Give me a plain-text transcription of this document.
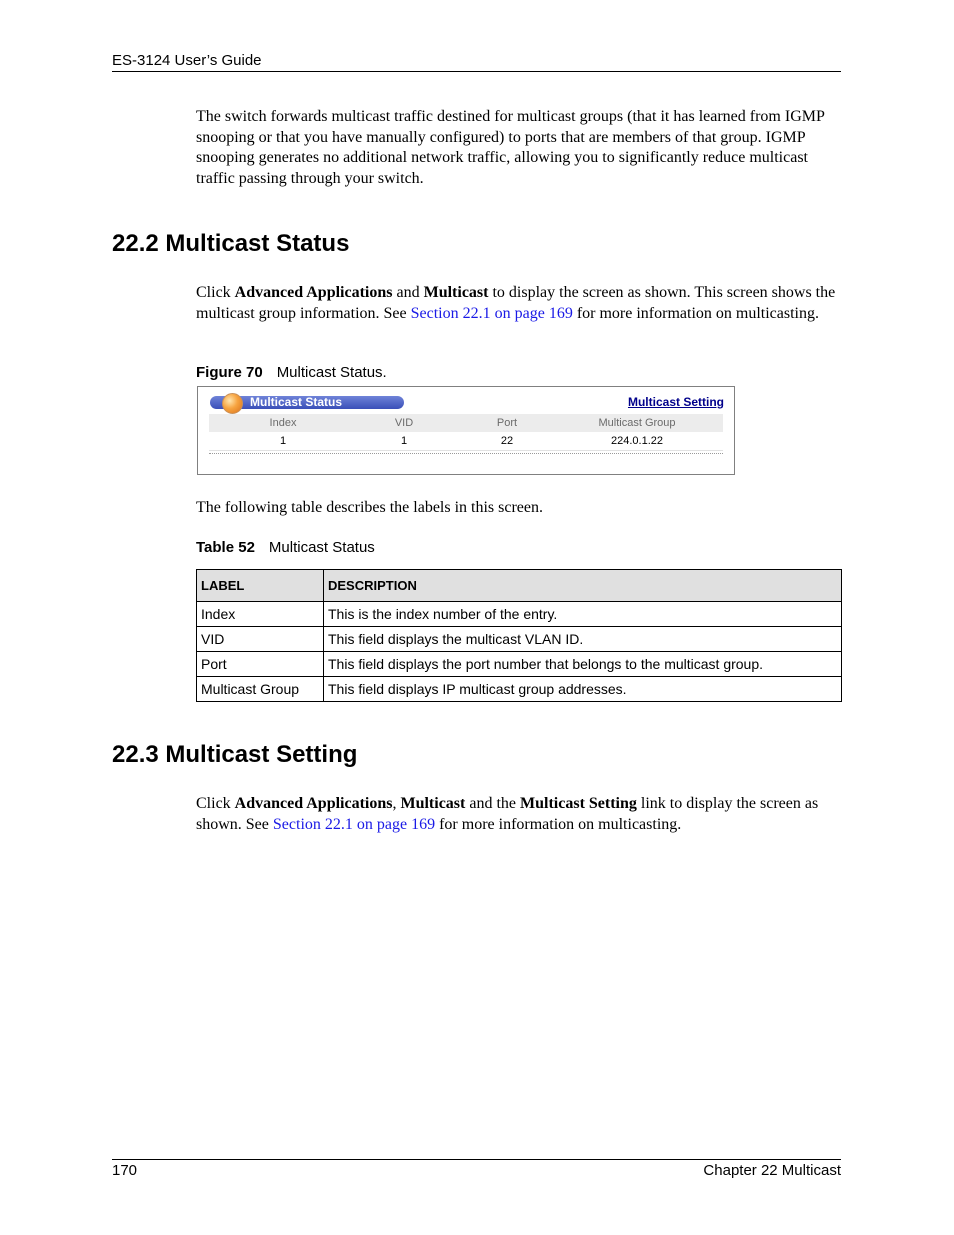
ES-3124 User’s Guide
The switch forwards multicast traffic destined for multicast groups (that it has learned from IGMP snooping or that you have manually configured) to ports that are members of that group. IGMP snooping generates no additional network traffic, allowing you to significantly reduce multicast traffic passing through your switch.
22.2 Multicast Status
Click Advanced Applications and Multicast to display the screen as shown. This screen shows the multicast group information. See Section 22.1 on page 169 for more information on multicasting.
Figure 70 Multicast Status.
Multicast Status	Multicast Setting
Index	VID	Port	Multicast Group
1	1	22	224.0.1.22
The following table describes the labels in this screen.
Table 52 Multicast Status
LABEL	DESCRIPTION
Index	This is the index number of the entry.
VID	This field displays the multicast VLAN ID.
Port	This field displays the port number that belongs to the multicast group.
Multicast Group	This field displays IP multicast group addresses.
22.3 Multicast Setting
Click Advanced Applications, Multicast and the Multicast Setting link to display the screen as shown. See Section 22.1 on page 169 for more information on multicasting.
170	Chapter 22 Multicast
